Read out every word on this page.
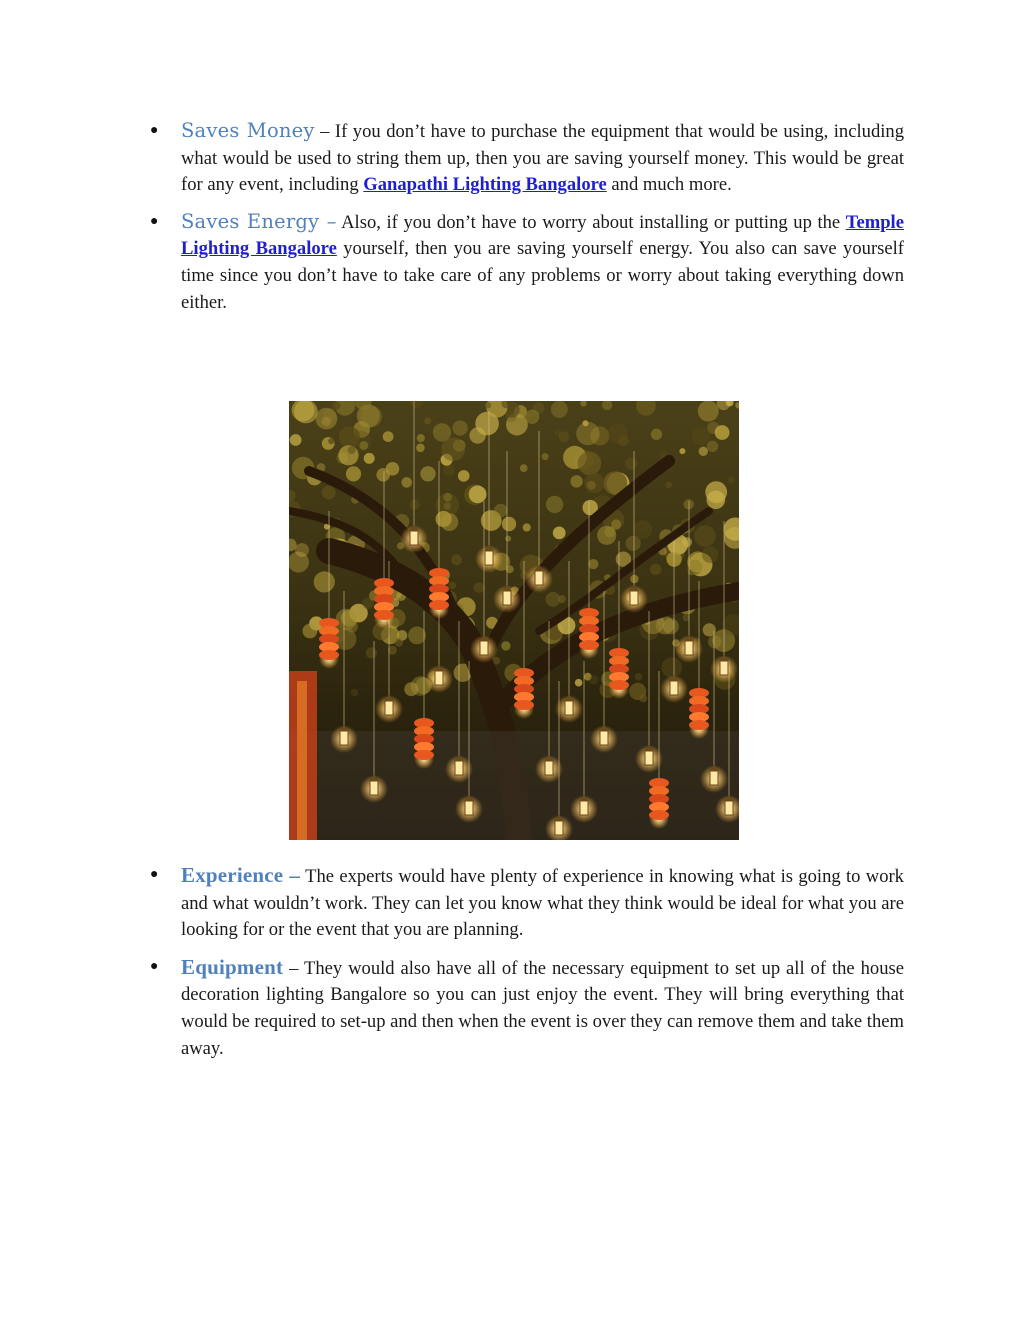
● Saves Money – If you don’t have to purchase the equipment that would be using, including what would be used to string them up, then you are saving yourself money. This would be great for any event, including Ganapathi Lighting Bangalore and much more.
● Saves Energy – Also, if you don’t have to worry about installing or putting up the Temple Lighting Bangalore yourself, then you are saving yourself energy. You also can save yourself time since you don’t have to take care of any problems or worry about taking everything down either.
● Experience – The experts would have plenty of experience in knowing what is going to work and what wouldn’t work. They can let you know what they think would be ideal for what you are looking for or the event that you are planning.
● Equipment – They would also have all of the necessary equipment to set up all of the house decoration lighting Bangalore so you can just enjoy the event. They will bring everything that would be required to set-up and then when the event is over they can remove them and take them away.
